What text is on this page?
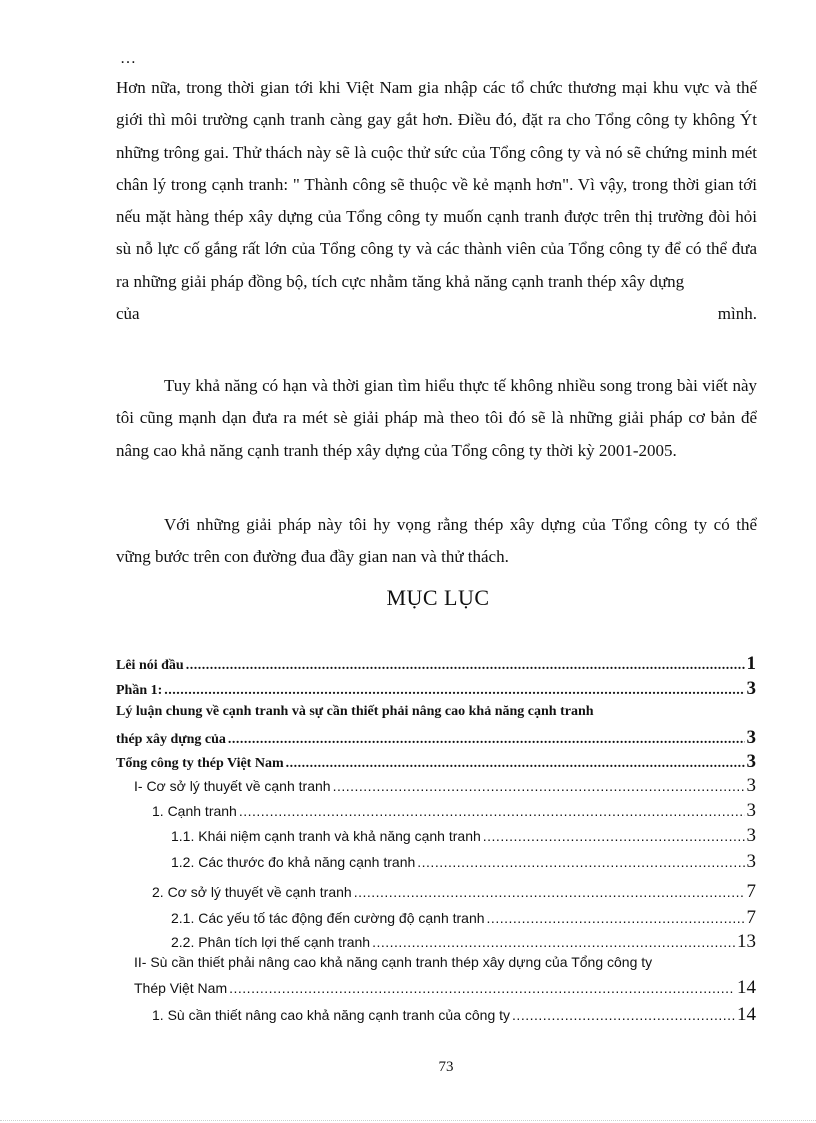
…
Hơn nữa, trong thời gian tới khi Việt Nam gia nhập các tổ chức thương mại khu vực và thế giới thì môi trường cạnh tranh càng gay gắt hơn. Điều đó, đặt ra cho Tổng công ty không Ýt những trông gai. Thử thách này sẽ là cuộc thử sức của Tổng công ty và nó sẽ chứng minh mét chân lý trong cạnh tranh: " Thành công sẽ thuộc về kẻ mạnh hơn". Vì vậy, trong thời gian tới nếu mặt hàng thép xây dựng của Tổng công ty muốn cạnh tranh được trên thị trường đòi hỏi sù nỗ lực cố gắng rất lớn của Tổng công ty và các thành viên của Tổng công ty để có thể đưa ra những giải pháp đồng bộ, tích cực nhằm tăng khả năng cạnh tranh thép xây dựng
của	mình.
Tuy khả năng có hạn và thời gian tìm hiểu thực tế không nhiều song trong bài viết này tôi cũng mạnh dạn đưa ra mét sè giải pháp mà theo tôi đó sẽ là những giải pháp cơ bản để nâng cao khả năng cạnh tranh thép xây dựng của Tổng công ty thời kỳ 2001-2005.
Với những giải pháp này tôi hy vọng rằng thép xây dựng của Tổng công ty có thể vững bước trên con đường đua đầy gian nan và thử thách.
MỤC LỤC
Lêi nói đầu .....	1
Phần 1: .....	3
Lý luận chung về cạnh tranh và sự cần thiết phải nâng cao khả năng cạnh tranh
thép xây dựng của .....	3
Tổng công ty thép Việt Nam .....	3
I- Cơ sở lý thuyết về cạnh tranh .....	3
1. Cạnh tranh .....	3
1.1. Khái niệm cạnh tranh và khả năng cạnh tranh .....	3
1.2. Các thước đo khả năng cạnh tranh .....	3
2. Cơ sở lý thuyết về cạnh tranh .....	7
2.1. Các yếu tố tác động đến cường độ cạnh tranh .....	7
2.2. Phân tích lợi thế cạnh tranh .....	13
II- Sù cần thiết phải nâng cao khả năng cạnh tranh thép xây dựng của Tổng công ty
Thép Việt Nam .....	14
1. Sù cần thiết nâng cao khả năng cạnh tranh của công ty .....	14
73
